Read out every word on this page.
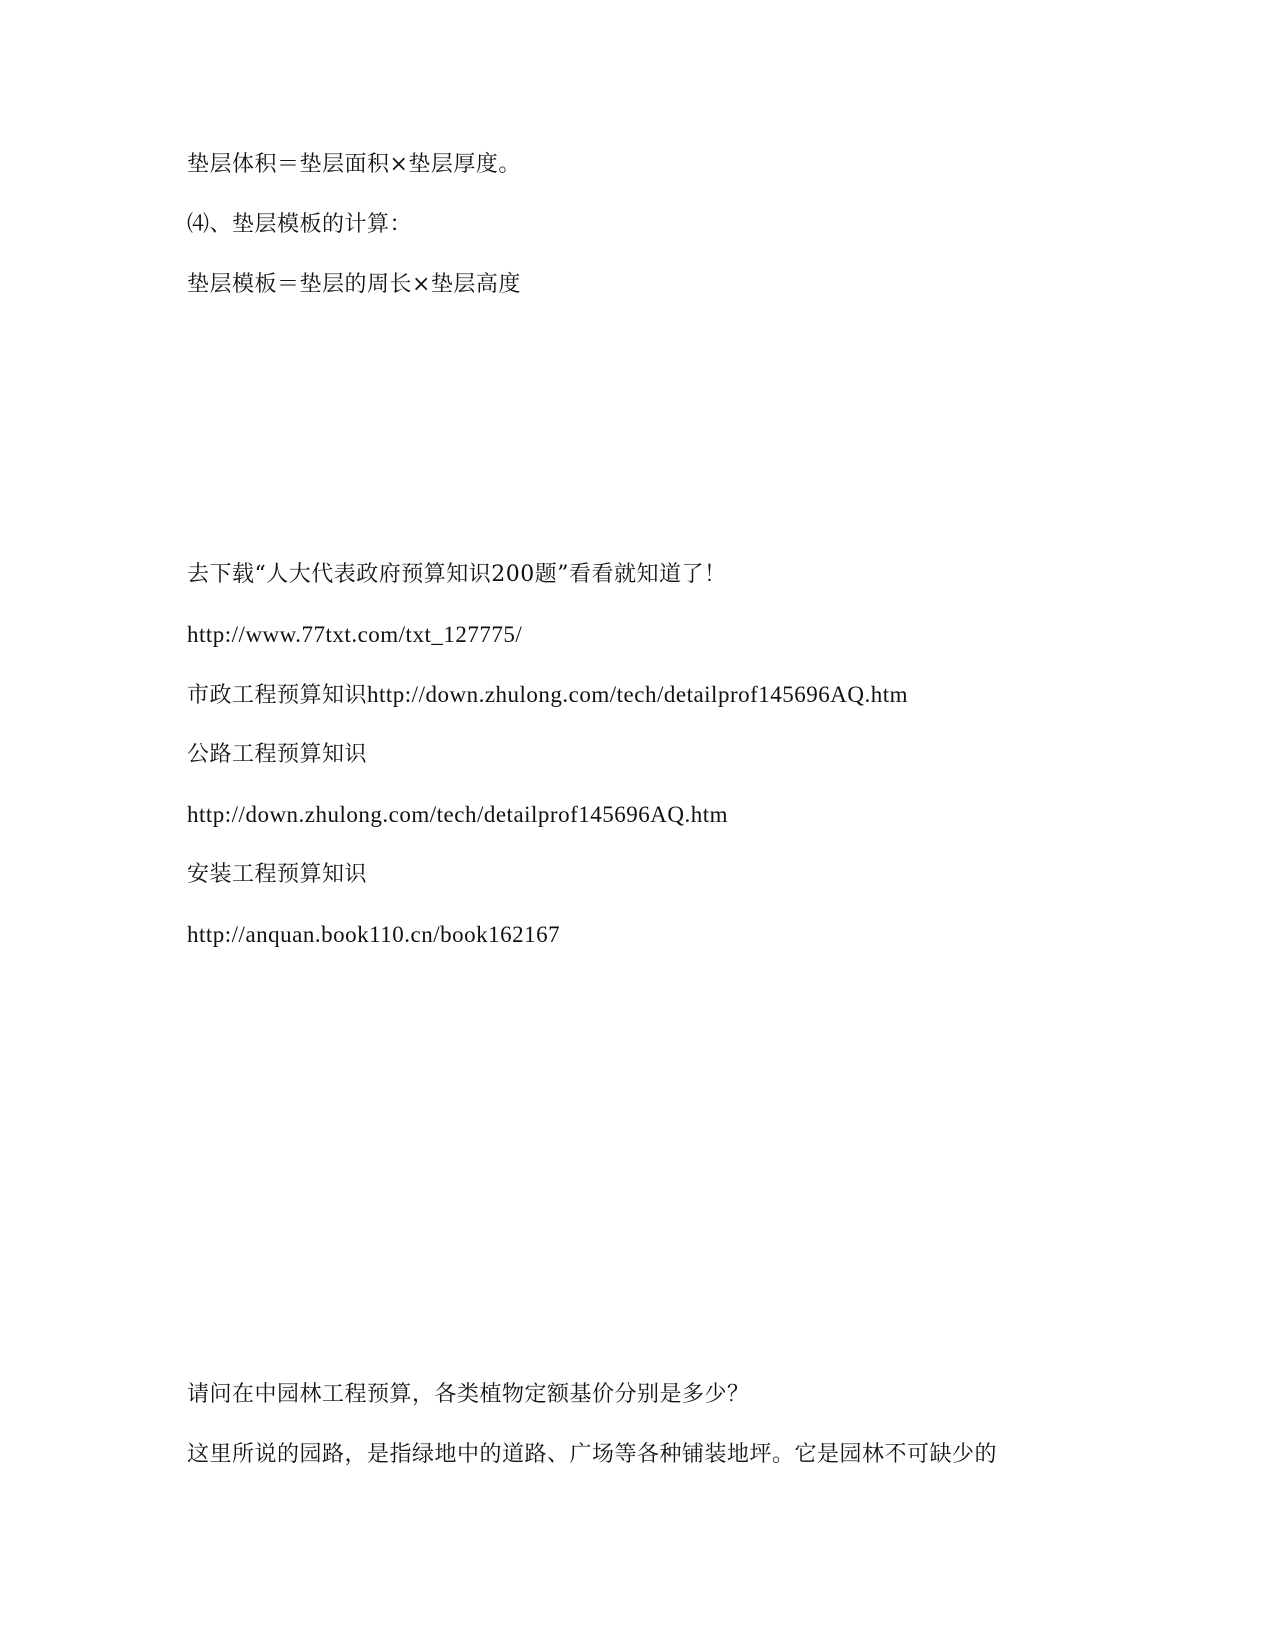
垫层体积＝垫层面积×垫层厚度。
⑷、垫层模板的计算：
垫层模板＝垫层的周长×垫层高度
去下载“人大代表政府预算知识200题”看看就知道了！
http://www.77txt.com/txt_127775/
市政工程预算知识http://down.zhulong.com/tech/detailprof145696AQ.htm
公路工程预算知识
http://down.zhulong.com/tech/detailprof145696AQ.htm
安装工程预算知识
http://anquan.book110.cn/book162167
请问在中园林工程预算，各类植物定额基价分别是多少？
这里所说的园路，是指绿地中的道路、广场等各种铺装地坪。它是园林不可缺少的
